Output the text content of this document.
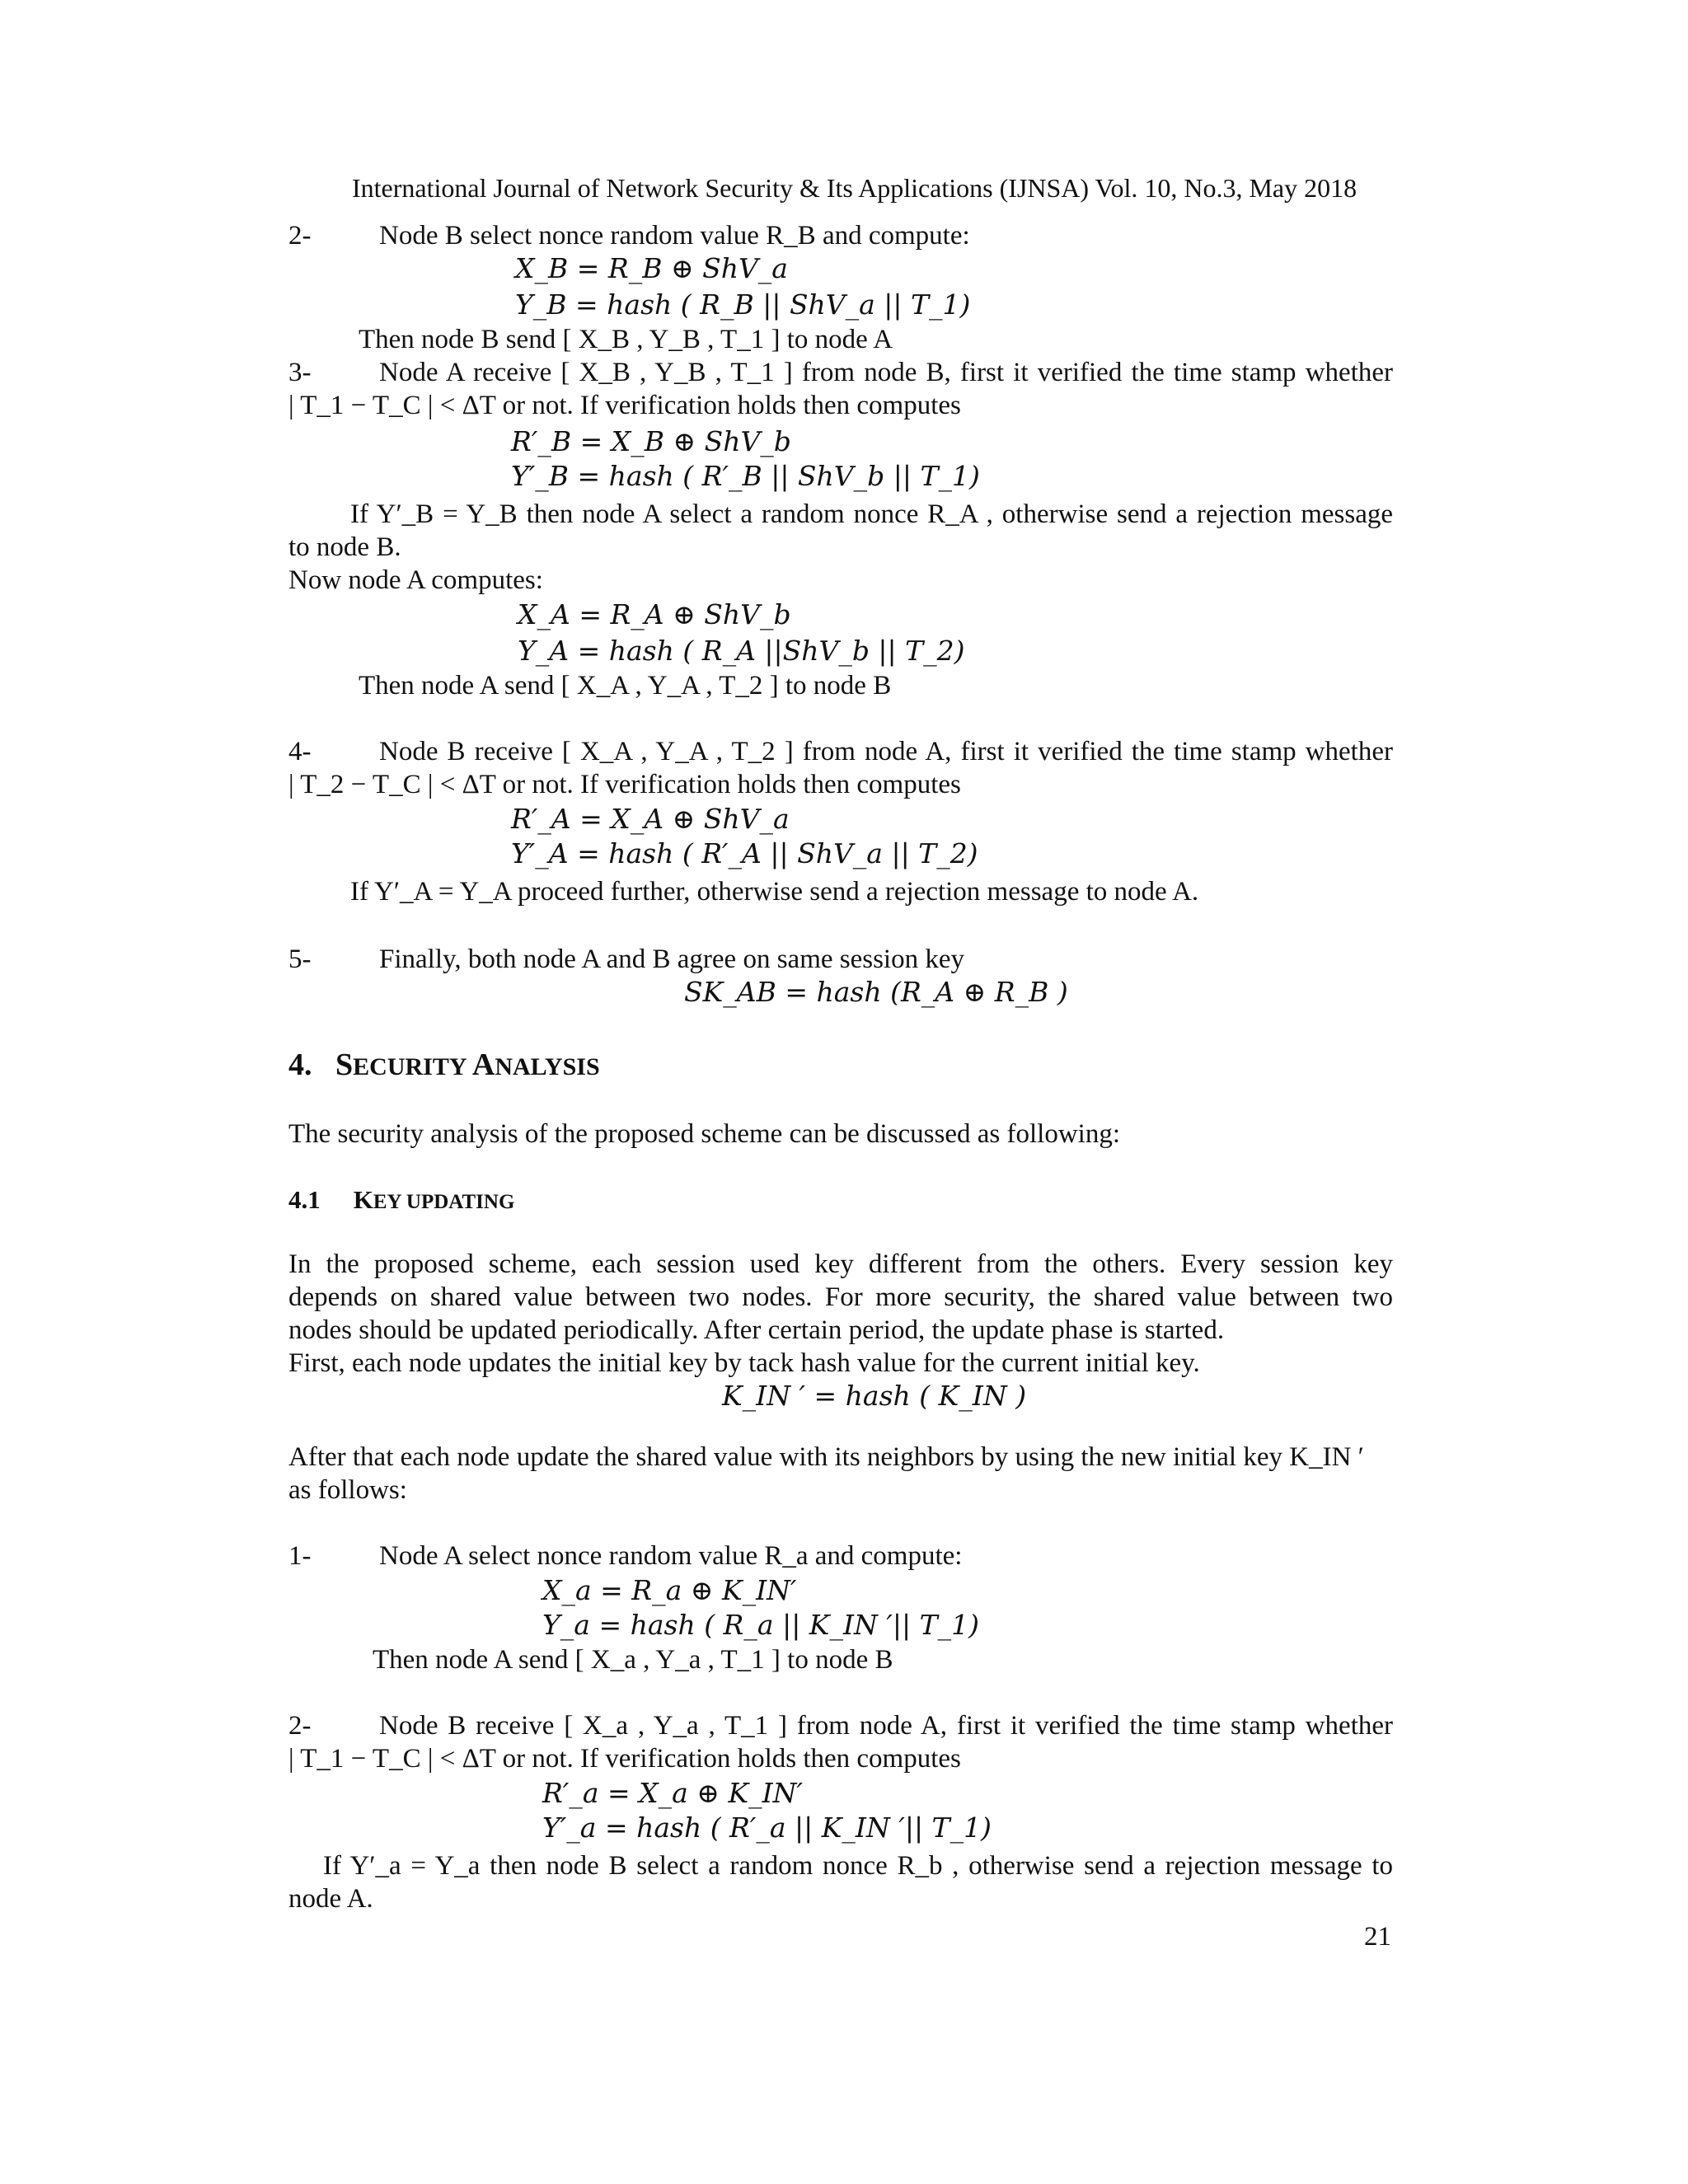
International Journal of Network Security & Its Applications (IJNSA) Vol. 10, No.3, May 2018
2-	Node B select nonce random value R_B and compute:
X_B = R_B ⊕ ShV_a
Y_B = hash ( R_B || ShV_a || T_1)
Then node B send [ X_B , Y_B , T_1 ] to node A
3-	Node A receive [ X_B , Y_B , T_1 ] from node B, first it verified the time stamp whether
| T_1 − T_C | < ΔT or not. If verification holds then computes
R′_B = X_B ⊕ ShV_b
Y′_B = hash ( R′_B || ShV_b || T_1)
If Y′_B = Y_B then node A select a random nonce R_A , otherwise send a rejection message
to node B.
Now node A computes:
X_A = R_A ⊕ ShV_b
Y_A = hash ( R_A ||ShV_b || T_2)
Then node A send [ X_A , Y_A , T_2 ] to node B
4-	Node B receive [ X_A , Y_A , T_2 ] from node A, first it verified the time stamp whether
| T_2 − T_C | < ΔT or not. If verification holds then computes
R′_A = X_A ⊕ ShV_a
Y′_A = hash ( R′_A || ShV_a || T_2)
If Y′_A = Y_A proceed further, otherwise send a rejection message to node A.
5-	Finally, both node A and B agree on same session key
SK_AB = hash (R_A ⊕ R_B )
4. SECURITY ANALYSIS
The security analysis of the proposed scheme can be discussed as following:
4.1 KEY UPDATING
In the proposed scheme, each session used key different from the others. Every session key
depends on shared value between two nodes. For more security, the shared value between two
nodes should be updated periodically. After certain period, the update phase is started.
First, each node updates the initial key by tack hash value for the current initial key.
K_IN ′ = hash ( K_IN )
After that each node update the shared value with its neighbors by using the new initial key K_IN ′
as follows:
1-	Node A select nonce random value R_a and compute:
X_a = R_a ⊕ K_IN′
Y_a = hash ( R_a || K_IN ′|| T_1)
Then node A send [ X_a , Y_a , T_1 ] to node B
2-	Node B receive [ X_a , Y_a , T_1 ] from node A, first it verified the time stamp whether
| T_1 − T_C | < ΔT or not. If verification holds then computes
R′_a = X_a ⊕ K_IN′
Y′_a = hash ( R′_a || K_IN ′|| T_1)
If Y′_a = Y_a then node B select a random nonce R_b , otherwise send a rejection message to
node A.
21
